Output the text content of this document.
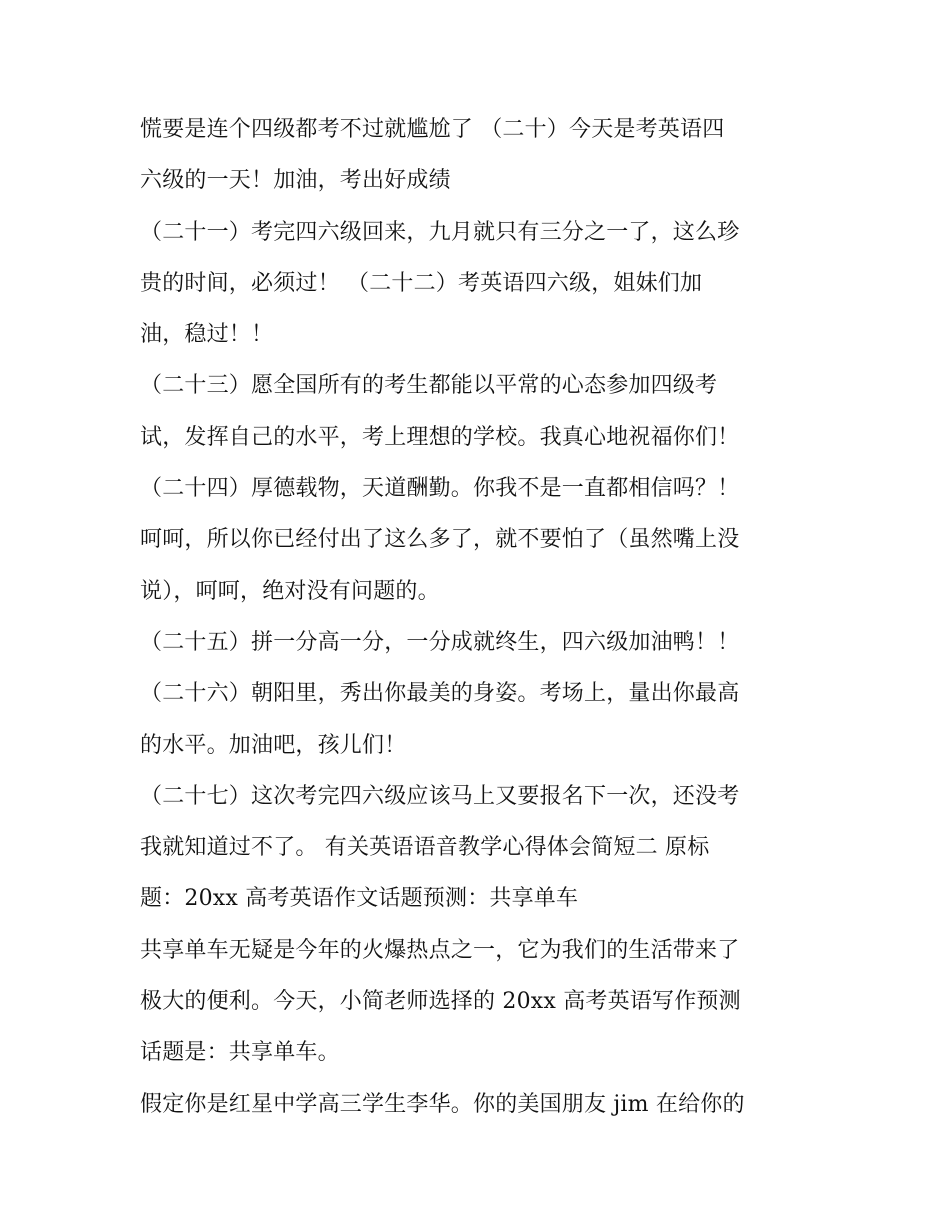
慌要是连个四级都考不过就尴尬了 （二十）今天是考英语四
六级的一天！加油，考出好成绩
（二十一）考完四六级回来，九月就只有三分之一了，这么珍
贵的时间，必须过！ （二十二）考英语四六级，姐妹们加
油，稳过！！
（二十三）愿全国所有的考生都能以平常的心态参加四级考
试，发挥自己的水平，考上理想的学校。我真心地祝福你们！
（二十四）厚德载物，天道酬勤。你我不是一直都相信吗？！
呵呵，所以你已经付出了这么多了，就不要怕了（虽然嘴上没
说），呵呵，绝对没有问题的。
（二十五）拼一分高一分，一分成就终生，四六级加油鸭！！
（二十六）朝阳里，秀出你最美的身姿。考场上，量出你最高
的水平。加油吧，孩儿们！
（二十七）这次考完四六级应该马上又要报名下一次，还没考
我就知道过不了。 有关英语语音教学心得体会简短二 原标
题：20xx 高考英语作文话题预测：共享单车
共享单车无疑是今年的火爆热点之一，它为我们的生活带来了
极大的便利。今天，小简老师选择的 20xx 高考英语写作预测
话题是：共享单车。
假定你是红星中学高三学生李华。你的美国朋友 jim 在给你的
